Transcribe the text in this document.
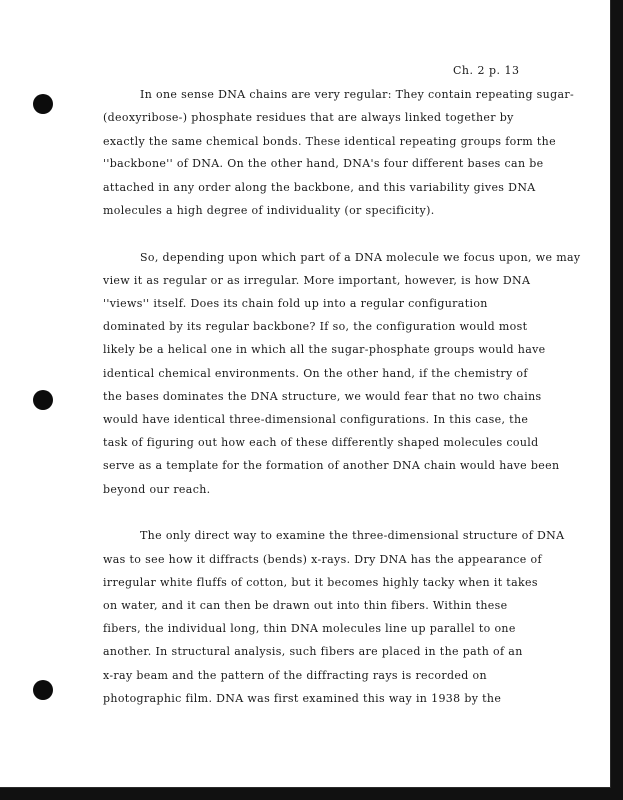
Ch. 2 p. 13
In one sense DNA chains are very regular: They contain repeating sugar-
(deoxyribose-) phosphate residues that are always linked together by
exactly the same chemical bonds. These identical repeating groups form the
''backbone'' of DNA. On the other hand, DNA's four different bases can be
attached in any order along the backbone, and this variability gives DNA
molecules a high degree of individuality (or specificity).
So, depending upon which part of a DNA molecule we focus upon, we may
view it as regular or as irregular. More important, however, is how DNA
''views'' itself. Does its chain fold up into a regular configuration
dominated by its regular backbone? If so, the configuration would most
likely be a helical one in which all the sugar-phosphate groups would have
identical chemical environments. On the other hand, if the chemistry of
the bases dominates the DNA structure, we would fear that no two chains
would have identical three-dimensional configurations. In this case, the
task of figuring out how each of these differently shaped molecules could
serve as a template for the formation of another DNA chain would have been
beyond our reach.
The only direct way to examine the three-dimensional structure of DNA
was to see how it diffracts (bends) x-rays. Dry DNA has the appearance of
irregular white fluffs of cotton, but it becomes highly tacky when it takes
on water, and it can then be drawn out into thin fibers. Within these
fibers, the individual long, thin DNA molecules line up parallel to one
another. In structural analysis, such fibers are placed in the path of an
x-ray beam and the pattern of the diffracting rays is recorded on
photographic film. DNA was first examined this way in 1938 by the
